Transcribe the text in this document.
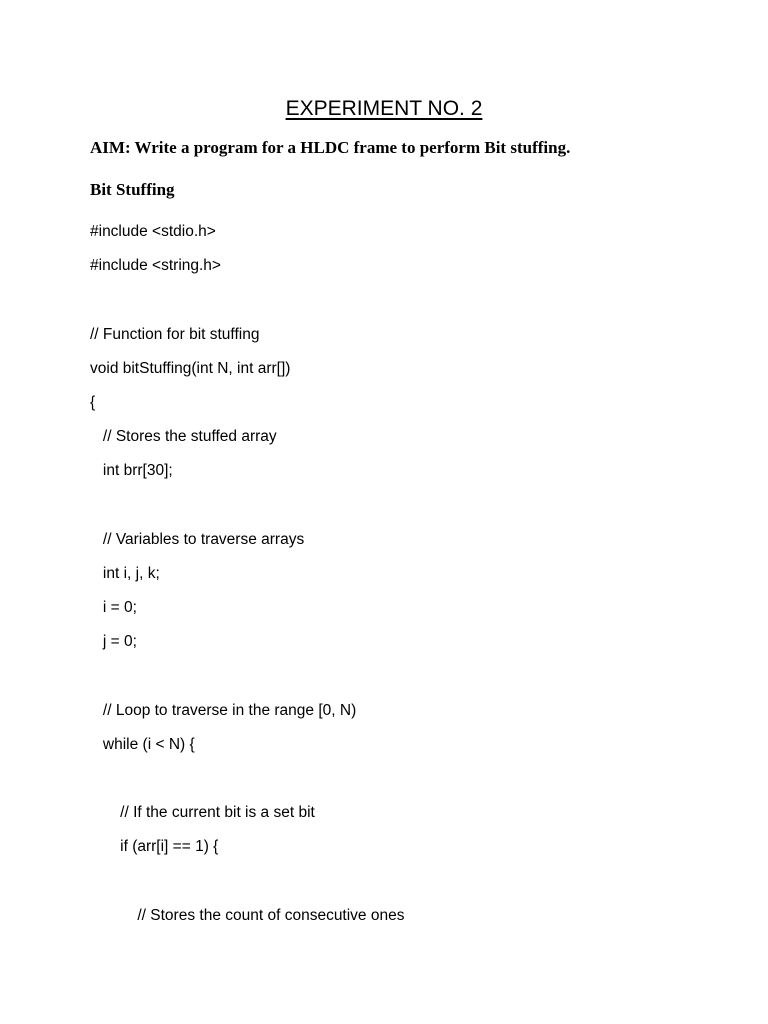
EXPERIMENT NO. 2
AIM: Write a program for a HLDC frame to perform Bit stuffing.
Bit Stuffing
#include <stdio.h>
#include <string.h>
// Function for bit stuffing
void bitStuffing(int N, int arr[])
{
// Stores the stuffed array
int brr[30];
// Variables to traverse arrays
int i, j, k;
i = 0;
j = 0;
// Loop to traverse in the range [0, N)
while (i < N) {
// If the current bit is a set bit
if (arr[i] == 1) {
// Stores the count of consecutive ones
